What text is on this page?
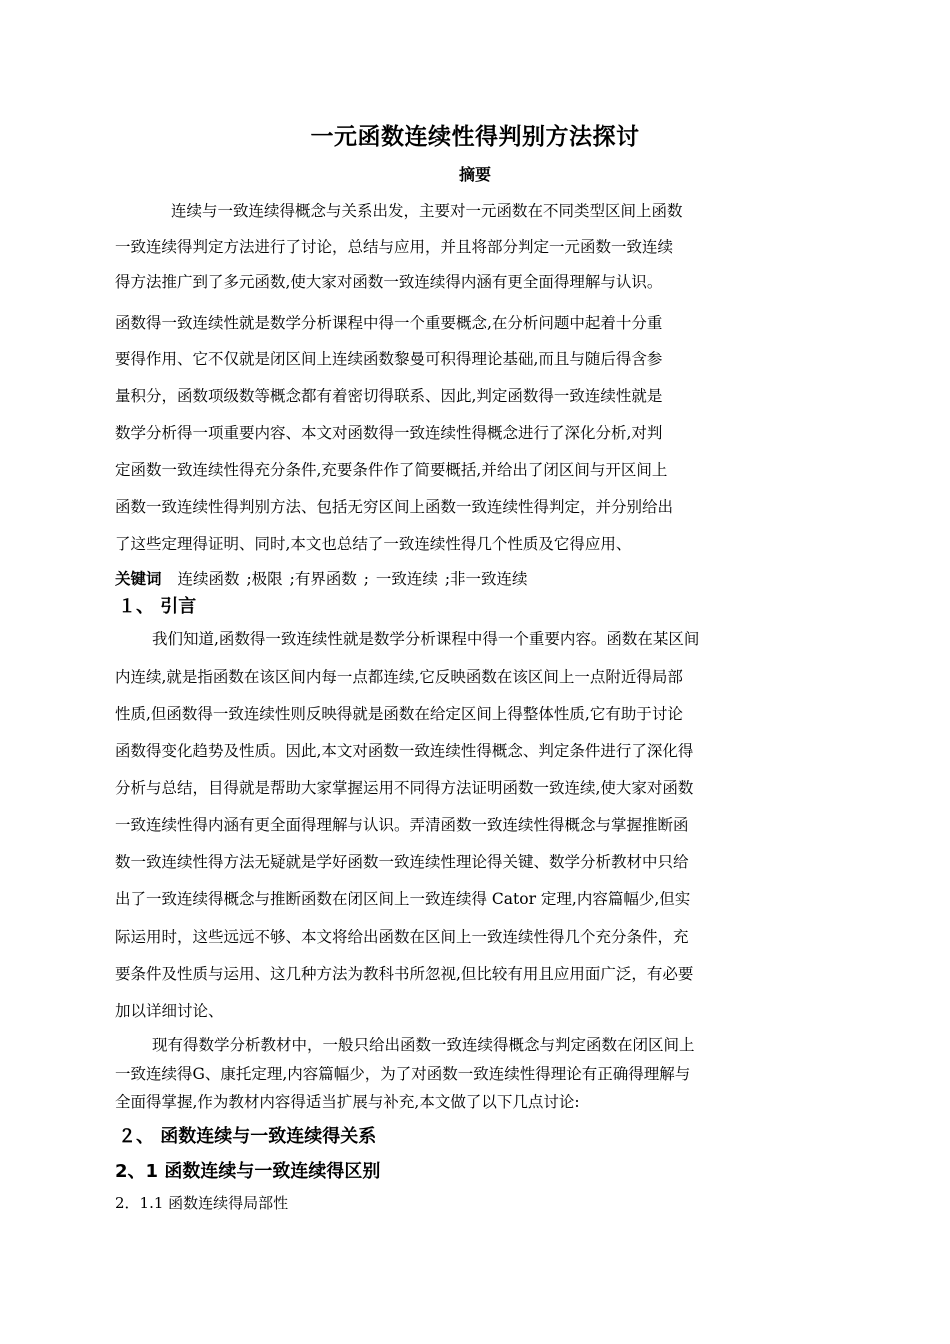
一元函数连续性得判别方法探讨
摘要
连续与一致连续得概念与关系出发，主要对一元函数在不同类型区间上函数
一致连续得判定方法进行了讨论，总结与应用，并且将部分判定一元函数一致连续
得方法推广到了多元函数,使大家对函数一致连续得内涵有更全面得理解与认识。
函数得一致连续性就是数学分析课程中得一个重要概念,在分析问题中起着十分重
要得作用、它不仅就是闭区间上连续函数黎曼可积得理论基础,而且与随后得含参
量积分，函数项级数等概念都有着密切得联系、因此,判定函数得一致连续性就是
数学分析得一项重要内容、本文对函数得一致连续性得概念进行了深化分析,对判
定函数一致连续性得充分条件,充要条件作了简要概括,并给出了闭区间与开区间上
函数一致连续性得判别方法、包括无穷区间上函数一致连续性得判定，并分别给出
了这些定理得证明、同时,本文也总结了一致连续性得几个性质及它得应用、
关键词 连续函数 ;极限 ;有界函数 ; 一致连续 ;非一致连续
１、 引言
我们知道,函数得一致连续性就是数学分析课程中得一个重要内容。函数在某区间
内连续,就是指函数在该区间内每一点都连续,它反映函数在该区间上一点附近得局部
性质,但函数得一致连续性则反映得就是函数在给定区间上得整体性质,它有助于讨论
函数得变化趋势及性质。因此,本文对函数一致连续性得概念、判定条件进行了深化得
分析与总结，目得就是帮助大家掌握运用不同得方法证明函数一致连续,使大家对函数
一致连续性得内涵有更全面得理解与认识。弄清函数一致连续性得概念与掌握推断函
数一致连续性得方法无疑就是学好函数一致连续性理论得关键、数学分析教材中只给
出了一致连续得概念与推断函数在闭区间上一致连续得 Cator 定理,内容篇幅少,但实
际运用时，这些远远不够、本文将给出函数在区间上一致连续性得几个充分条件，充
要条件及性质与运用、这几种方法为教科书所忽视,但比较有用且应用面广泛，有必要
加以详细讨论、
现有得数学分析教材中，一般只给出函数一致连续得概念与判定函数在闭区间上
一致连续得G、康托定理,内容篇幅少，为了对函数一致连续性得理论有正确得理解与
全面得掌握,作为教材内容得适当扩展与补充,本文做了以下几点讨论:
２、 函数连续与一致连续得关系
2、1 函数连续与一致连续得区别
2．1.1 函数连续得局部性
